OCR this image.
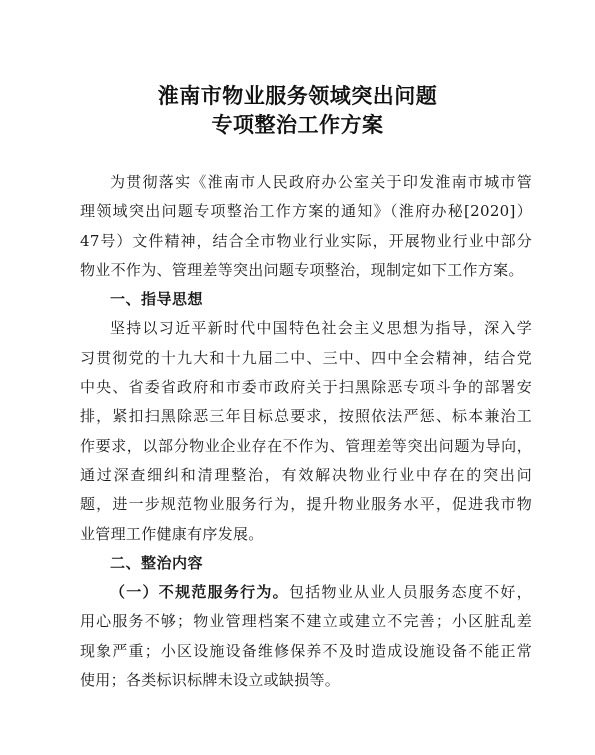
淮南市物业服务领域突出问题
专项整治工作方案
为贯彻落实《淮南市人民政府办公室关于印发淮南市城市管
理领域突出问题专项整治工作方案的通知》（淮府办秘[2020]）
47号）文件精神，结合全市物业行业实际，开展物业行业中部分
物业不作为、管理差等突出问题专项整治，现制定如下工作方案。
一、指导思想
坚持以习近平新时代中国特色社会主义思想为指导，深入学
习贯彻党的十九大和十九届二中、三中、四中全会精神，结合党
中央、省委省政府和市委市政府关于扫黑除恶专项斗争的部署安
排，紧扣扫黑除恶三年目标总要求，按照依法严惩、标本兼治工
作要求，以部分物业企业存在不作为、管理差等突出问题为导向，
通过深查细纠和清理整治，有效解决物业行业中存在的突出问
题，进一步规范物业服务行为，提升物业服务水平，促进我市物
业管理工作健康有序发展。
二、整治内容
（一）不规范服务行为。包括物业从业人员服务态度不好，
用心服务不够；物业管理档案不建立或建立不完善；小区脏乱差
现象严重；小区设施设备维修保养不及时造成设施设备不能正常
使用；各类标识标牌未设立或缺损等。
